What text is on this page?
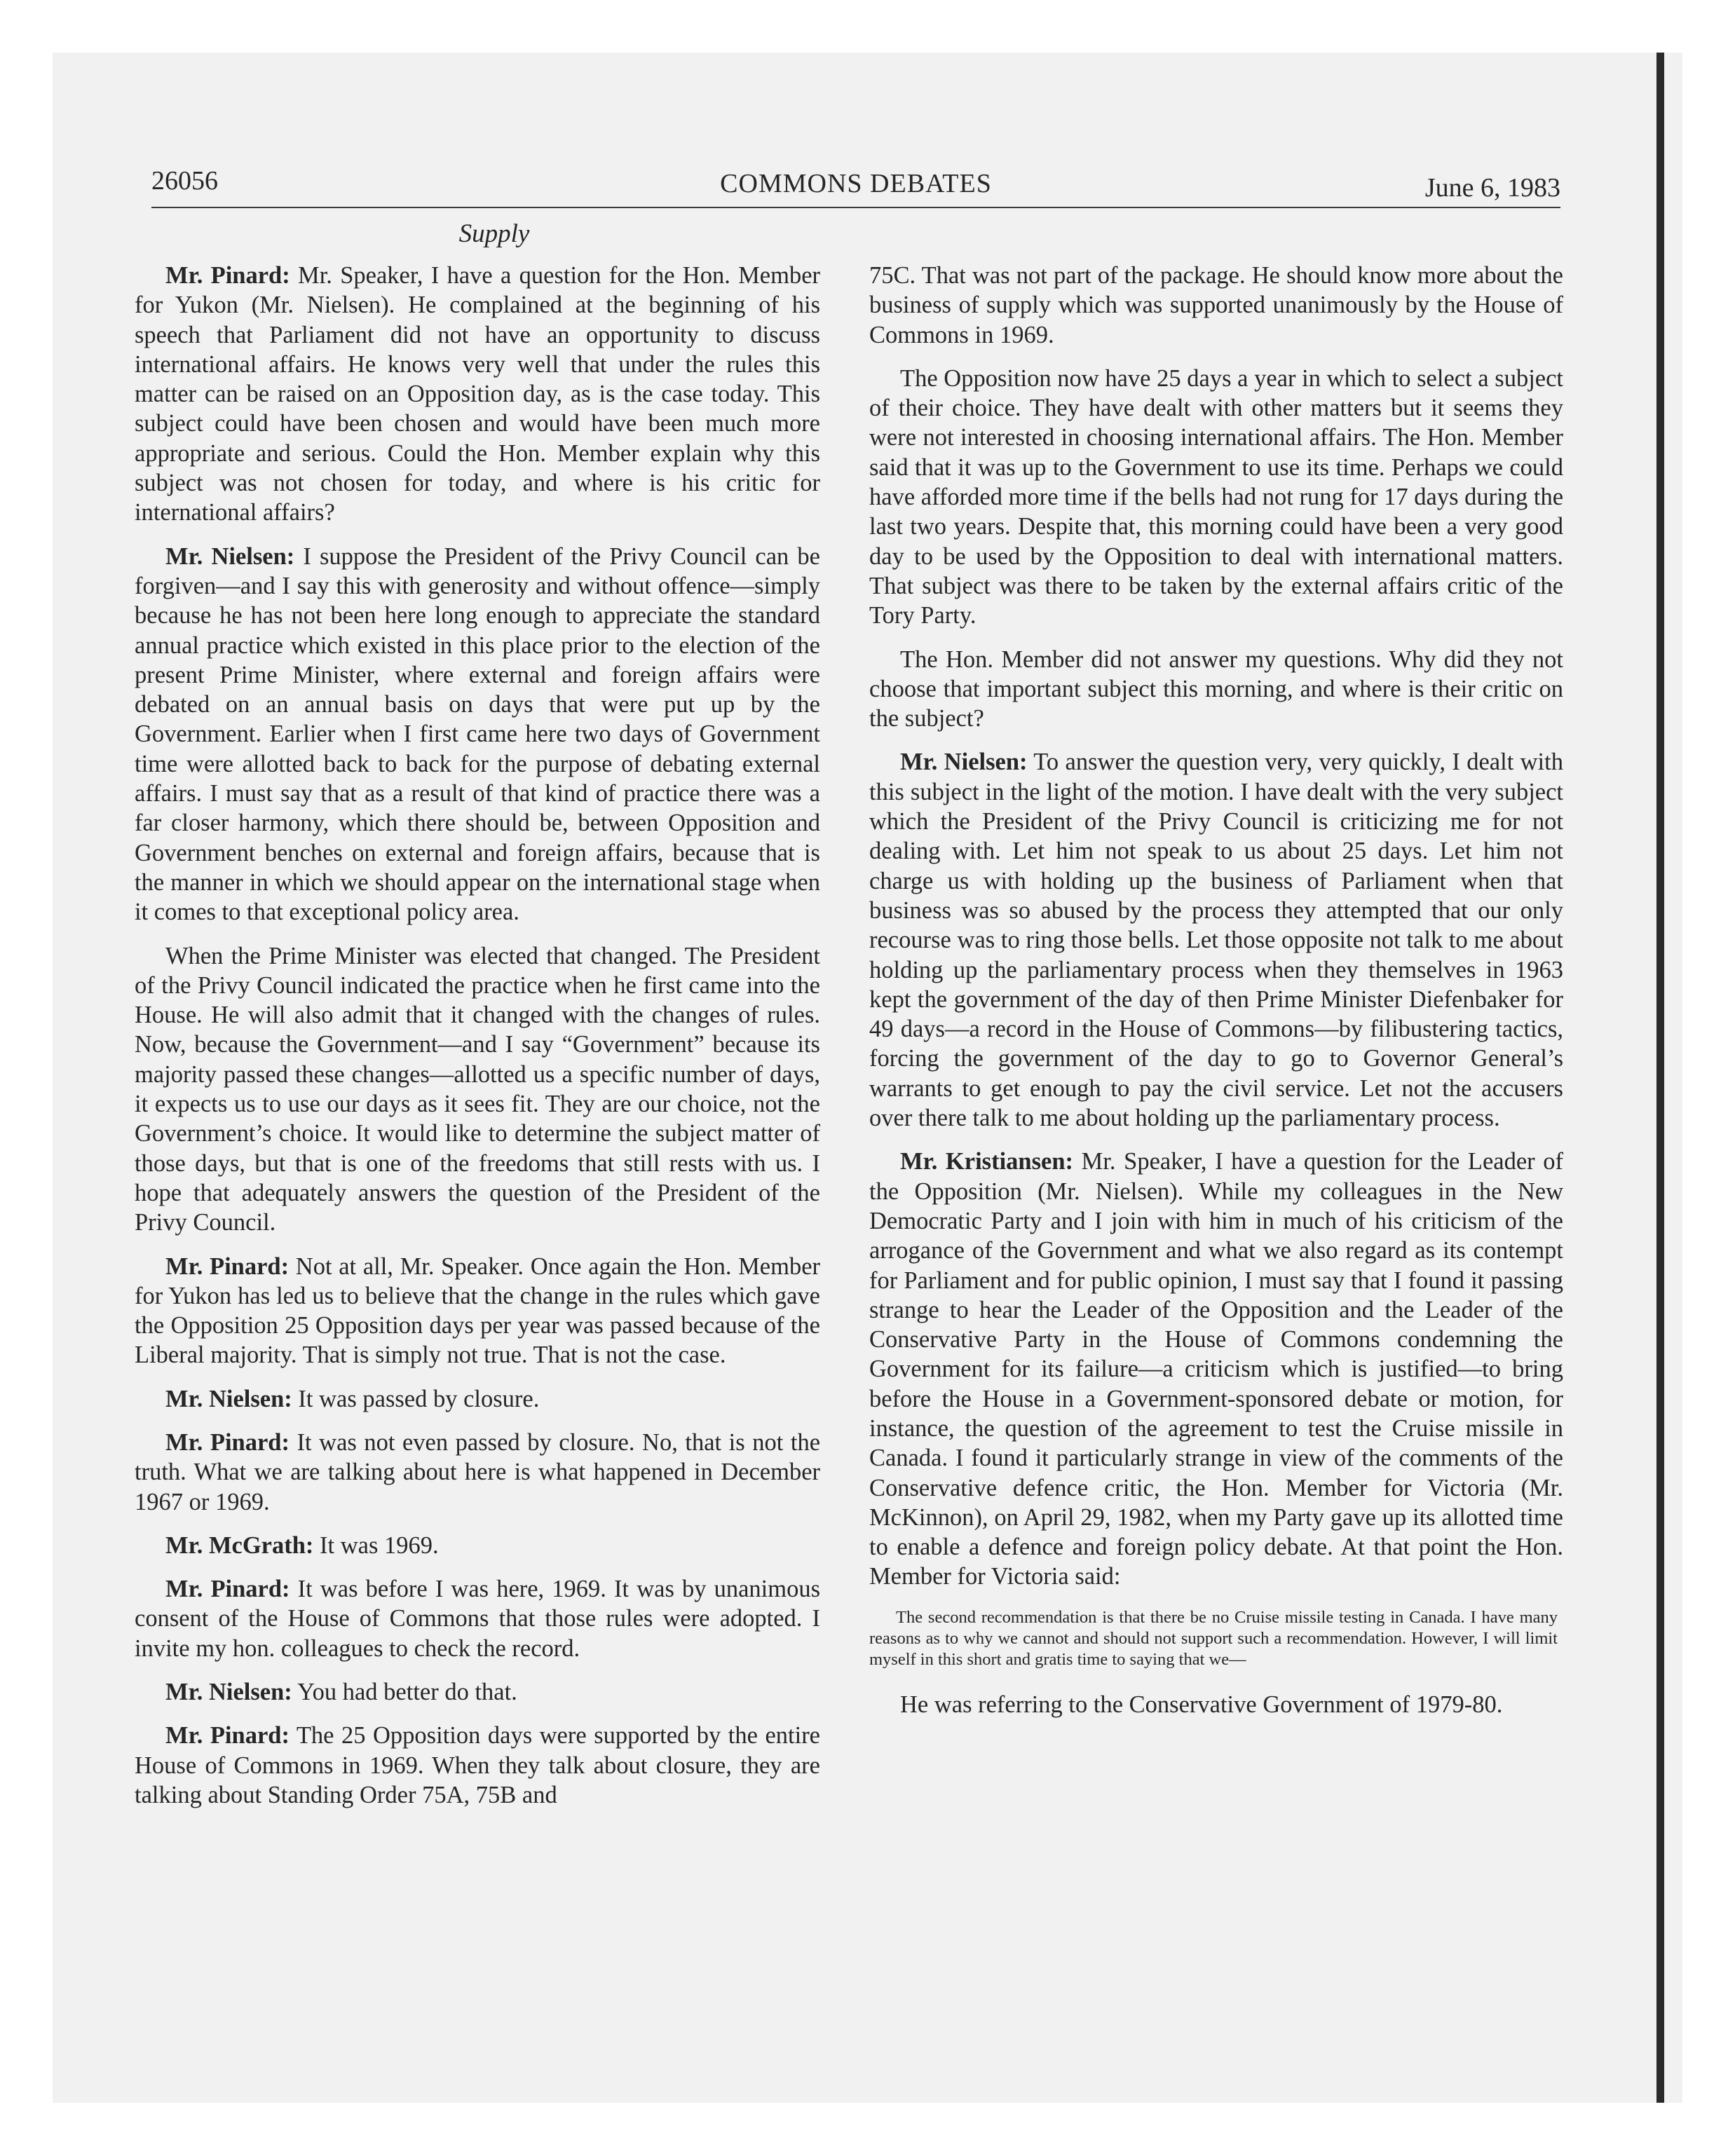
26056	COMMONS DEBATES	June 6, 1983
Supply

Mr. Pinard: Mr. Speaker, I have a question for the Hon. Member for Yukon (Mr. Nielsen). He complained at the beginning of his speech that Parliament did not have an opportunity to discuss international affairs. He knows very well that under the rules this matter can be raised on an Opposition day, as is the case today. This subject could have been chosen and would have been much more appropriate and serious. Could the Hon. Member explain why this subject was not chosen for today, and where is his critic for international affairs?

Mr. Nielsen: I suppose the President of the Privy Council can be forgiven—and I say this with generosity and without offence—simply because he has not been here long enough to appreciate the standard annual practice which existed in this place prior to the election of the present Prime Minister, where external and foreign affairs were debated on an annual basis on days that were put up by the Government. Earlier when I first came here two days of Government time were allotted back to back for the purpose of debating external affairs. I must say that as a result of that kind of practice there was a far closer harmony, which there should be, between Opposition and Government benches on external and foreign affairs, because that is the manner in which we should appear on the international stage when it comes to that exceptional policy area.

When the Prime Minister was elected that changed. The President of the Privy Council indicated the practice when he first came into the House. He will also admit that it changed with the changes of rules. Now, because the Government—and I say “Government” because its majority passed these changes—allotted us a specific number of days, it expects us to use our days as it sees fit. They are our choice, not the Government’s choice. It would like to determine the subject matter of those days, but that is one of the freedoms that still rests with us. I hope that adequately answers the question of the President of the Privy Council.

Mr. Pinard: Not at all, Mr. Speaker. Once again the Hon. Member for Yukon has led us to believe that the change in the rules which gave the Opposition 25 Opposition days per year was passed because of the Liberal majority. That is simply not true. That is not the case.

Mr. Nielsen: It was passed by closure.

Mr. Pinard: It was not even passed by closure. No, that is not the truth. What we are talking about here is what happened in December 1967 or 1969.

Mr. McGrath: It was 1969.

Mr. Pinard: It was before I was here, 1969. It was by unanimous consent of the House of Commons that those rules were adopted. I invite my hon. colleagues to check the record.

Mr. Nielsen: You had better do that.

Mr. Pinard: The 25 Opposition days were supported by the entire House of Commons in 1969. When they talk about closure, they are talking about Standing Order 75A, 75B and

75C. That was not part of the package. He should know more about the business of supply which was supported unanimously by the House of Commons in 1969.

The Opposition now have 25 days a year in which to select a subject of their choice. They have dealt with other matters but it seems they were not interested in choosing international affairs. The Hon. Member said that it was up to the Government to use its time. Perhaps we could have afforded more time if the bells had not rung for 17 days during the last two years. Despite that, this morning could have been a very good day to be used by the Opposition to deal with international matters. That subject was there to be taken by the external affairs critic of the Tory Party.

The Hon. Member did not answer my questions. Why did they not choose that important subject this morning, and where is their critic on the subject?

Mr. Nielsen: To answer the question very, very quickly, I dealt with this subject in the light of the motion. I have dealt with the very subject which the President of the Privy Council is criticizing me for not dealing with. Let him not speak to us about 25 days. Let him not charge us with holding up the business of Parliament when that business was so abused by the process they attempted that our only recourse was to ring those bells. Let those opposite not talk to me about holding up the parliamentary process when they themselves in 1963 kept the government of the day of then Prime Minister Diefenbaker for 49 days—a record in the House of Commons—by filibustering tactics, forcing the government of the day to go to Governor General’s warrants to get enough to pay the civil service. Let not the accusers over there talk to me about holding up the parliamentary process.

Mr. Kristiansen: Mr. Speaker, I have a question for the Leader of the Opposition (Mr. Nielsen). While my colleagues in the New Democratic Party and I join with him in much of his criticism of the arrogance of the Government and what we also regard as its contempt for Parliament and for public opinion, I must say that I found it passing strange to hear the Leader of the Opposition and the Leader of the Conservative Party in the House of Commons condemning the Government for its failure—a criticism which is justified—to bring before the House in a Government-sponsored debate or motion, for instance, the question of the agreement to test the Cruise missile in Canada. I found it particularly strange in view of the comments of the Conservative defence critic, the Hon. Member for Victoria (Mr. McKinnon), on April 29, 1982, when my Party gave up its allotted time to enable a defence and foreign policy debate. At that point the Hon. Member for Victoria said:

The second recommendation is that there be no Cruise missile testing in Canada. I have many reasons as to why we cannot and should not support such a recommendation. However, I will limit myself in this short and gratis time to saying that we—

He was referring to the Conservative Government of 1979-80.
